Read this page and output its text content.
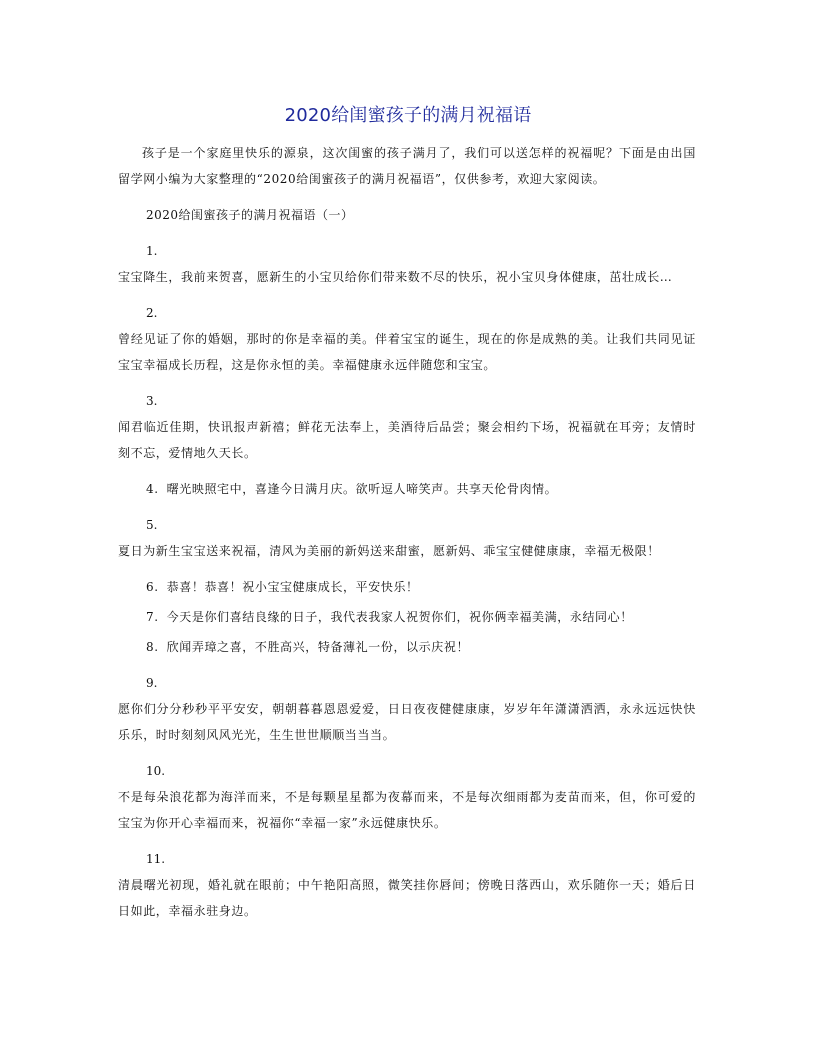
2020给闺蜜孩子的满月祝福语

孩子是一个家庭里快乐的源泉，这次闺蜜的孩子满月了，我们可以送怎样的祝福呢？下面是由出国留学网小编为大家整理的“2020给闺蜜孩子的满月祝福语”，仅供参考，欢迎大家阅读。

2020给闺蜜孩子的满月祝福语（一）

1.
宝宝降生，我前来贺喜，愿新生的小宝贝给你们带来数不尽的快乐，祝小宝贝身体健康，茁壮成长…
2.
曾经见证了你的婚姻，那时的你是幸福的美。伴着宝宝的诞生，现在的你是成熟的美。让我们共同见证宝宝幸福成长历程，这是你永恒的美。幸福健康永远伴随您和宝宝。
3.
闻君临近佳期，快讯报声新禧；鲜花无法奉上，美酒待后品尝；聚会相约下场，祝福就在耳旁；友情时刻不忘，爱情地久天长。
4. 曙光映照宅中，喜逢今日满月庆。欲听逗人啼笑声。共享天伦骨肉情。
5.
夏日为新生宝宝送来祝福，清风为美丽的新妈送来甜蜜，愿新妈、乖宝宝健健康康，幸福无极限！
6. 恭喜！恭喜！祝小宝宝健康成长，平安快乐！
7. 今天是你们喜结良缘的日子，我代表我家人祝贺你们，祝你俩幸福美满，永结同心！
8. 欣闻弄璋之喜，不胜高兴，特备薄礼一份，以示庆祝！
9.
愿你们分分秒秒平平安安，朝朝暮暮恩恩爱爱，日日夜夜健健康康，岁岁年年潇潇洒洒，永永远远快快乐乐，时时刻刻风风光光，生生世世顺顺当当当。
10.
不是每朵浪花都为海洋而来，不是每颗星星都为夜幕而来，不是每次细雨都为麦苗而来，但，你可爱的宝宝为你开心幸福而来，祝福你“幸福一家”永远健康快乐。
11.
清晨曙光初现，婚礼就在眼前；中午艳阳高照，微笑挂你唇间；傍晚日落西山，欢乐随你一天；婚后日日如此，幸福永驻身边。
